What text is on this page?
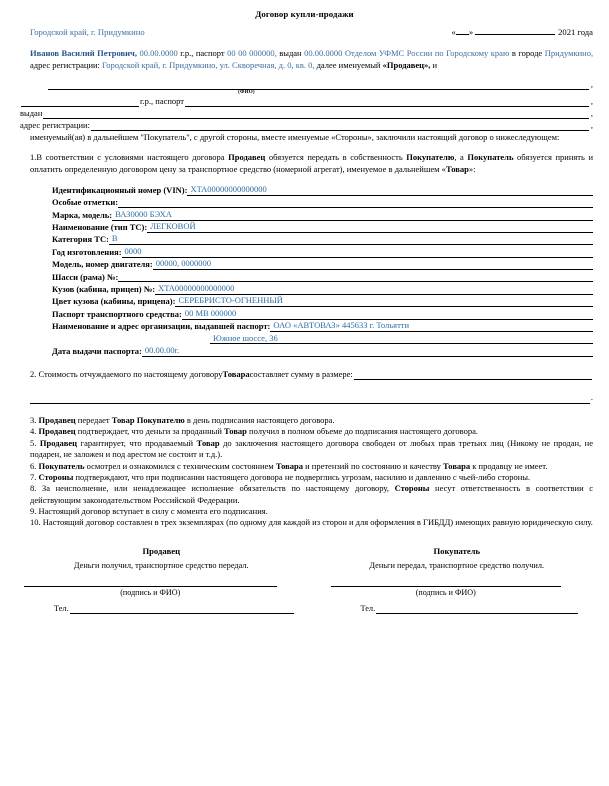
Договор купли-продажи
Городской край, г. Придумкино	« »	2021 года

Иванов Василий Петрович, 00.00.0000 г.р., паспорт 00 00 000000, выдан 00.00.0000 Отделом УФМС России по Городскому краю в городе Придумкино, адрес регистрации: Городской край, г. Придумкино, ул. Скворечная, д. 0, кв. 0, далее именуемый «Продавец», и

,
(ФИО)
г.р., паспорт	,
выдан	,
адрес регистрации:	,

именуемый(ая) в дальнейшем "Покупатель", с другой стороны, вместе именуемые «Стороны», заключили настоящий договор о нижеследующем:

1.В соответствии с условиями настоящего договора Продавец обязуется передать в собственность Покупателю, а Покупатель обязуется принять и оплатить определенную договором цену за транспортное средство (номерной агрегат), именуемое в дальнейшем «Товар»:

Идентификационный номер (VIN): XTA00000000000000
Особые отметки:
Марка, модель: ВАЗ0000 БЭХА
Наименование (тип ТС): ЛЕГКОВОЙ
Категория ТС: B
Год изготовления: 0000
Модель, номер двигателя: 00000, 0000000
Шасси (рама) №:
Кузов (кабина, прицеп) №: XTA00000000000000
Цвет кузова (кабины, прицепа): СЕРЕБРИСТО-ОГНЕННЫЙ
Паспорт транспортного средства: 00 МВ 000000
Наименование и адрес организации, выдавшей паспорт: ОАО «АВТОВАЗ» 445633 г. Тольятти
Южное шоссе, 36
Дата выдачи паспорта: 00.00.00г.
2. Стоимость отчуждаемого по настоящему договору Товара составляет сумму в размере:
.

3. Продавец передает Товар Покупателю в день подписания настоящего договора.

4. Продавец подтверждает, что деньги за проданный Товар получил в полном объеме до подписания настоящего договора.

5. Продавец гарантирует, что продаваемый Товар до заключения настоящего договора свободен от любых прав третьих лиц (Никому не продан, не подарен, не заложен и под арестом не состоит и т.д.).

6. Покупатель осмотрел и ознакомился с техническим состоянием Товара и претензий по состоянию и качеству Товара к продавцу не имеет.

7. Стороны подтверждают, что при подписании настоящего договора не подверглись угрозам, насилию и давлению с чьей-либо стороны.

8. За неисполнение, или ненадлежащее исполнение обязательств по настоящему договору, Стороны несут ответственность в соответствии с действующим законодательством Российской Федерации.

9. Настоящий договор вступает в силу с момента его подписания.

10. Настоящий договор составлен в трех экземплярах (по одному для каждой из сторон и для оформления в ГИБДД) имеющих равную юридическую силу.

Продавец
Деньги получил, транспортное средство передал.
(подпись и ФИО)
Тел.
Покупатель
Деньги передал, транспортное средство получил.
(подпись и ФИО)
Тел.
